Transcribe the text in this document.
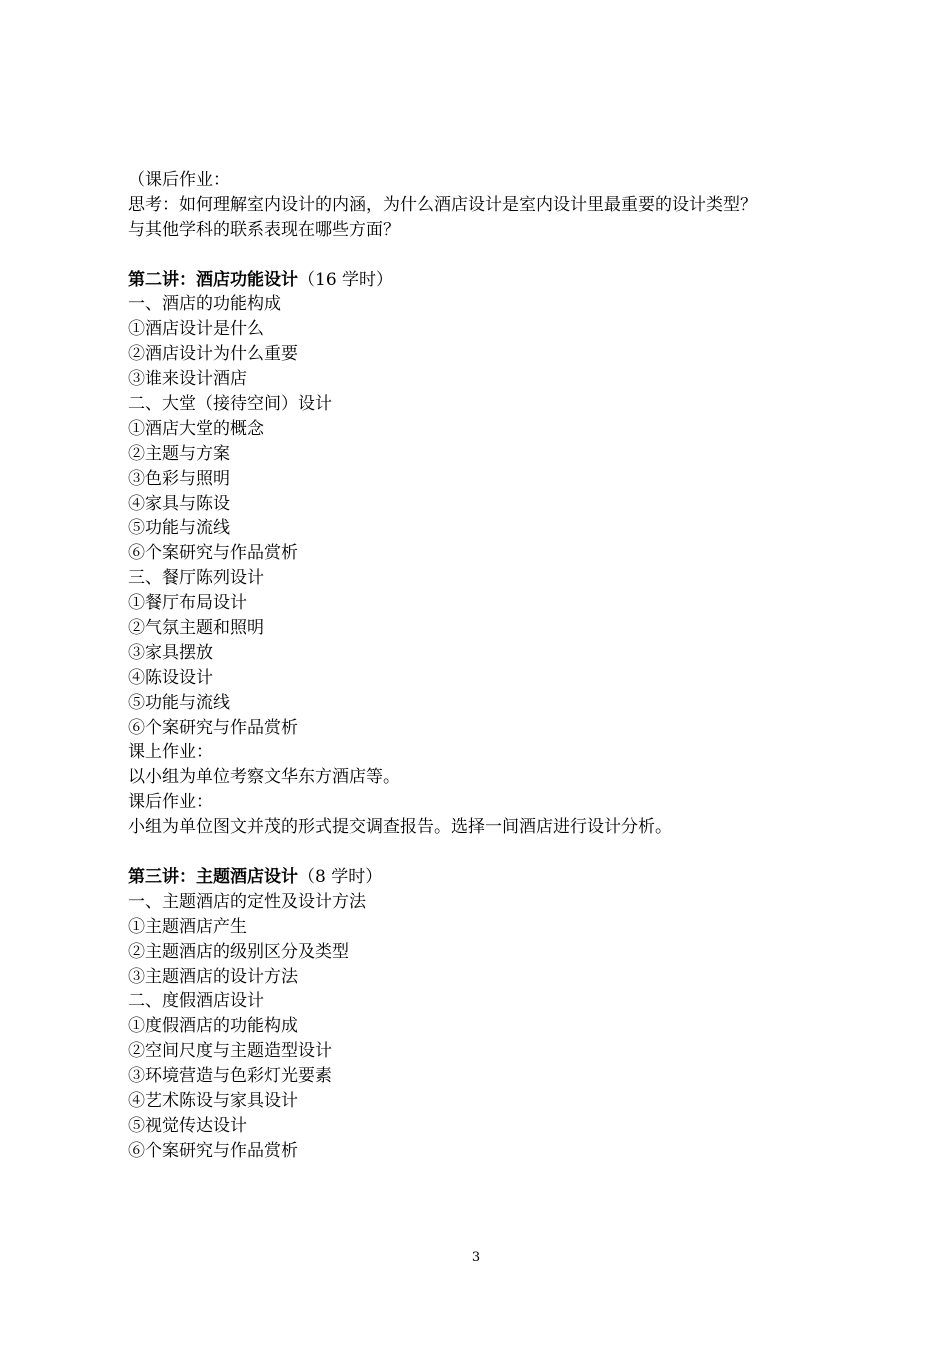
（课后作业：
思考：如何理解室内设计的内涵，为什么酒店设计是室内设计里最重要的设计类型？
与其他学科的联系表现在哪些方面？
第二讲：酒店功能设计（16 学时）
一、酒店的功能构成
①酒店设计是什么
②酒店设计为什么重要
③谁来设计酒店
二、大堂（接待空间）设计
①酒店大堂的概念
②主题与方案
③色彩与照明
④家具与陈设
⑤功能与流线
⑥个案研究与作品赏析
三、餐厅陈列设计
①餐厅布局设计
②气氛主题和照明
③家具摆放
④陈设设计
⑤功能与流线
⑥个案研究与作品赏析
课上作业：
以小组为单位考察文华东方酒店等。
课后作业：
小组为单位图文并茂的形式提交调查报告。选择一间酒店进行设计分析。
第三讲：主题酒店设计（8 学时）
一、主题酒店的定性及设计方法
①主题酒店产生
②主题酒店的级别区分及类型
③主题酒店的设计方法
二、度假酒店设计
①度假酒店的功能构成
②空间尺度与主题造型设计
③环境营造与色彩灯光要素
④艺术陈设与家具设计
⑤视觉传达设计
⑥个案研究与作品赏析
3
